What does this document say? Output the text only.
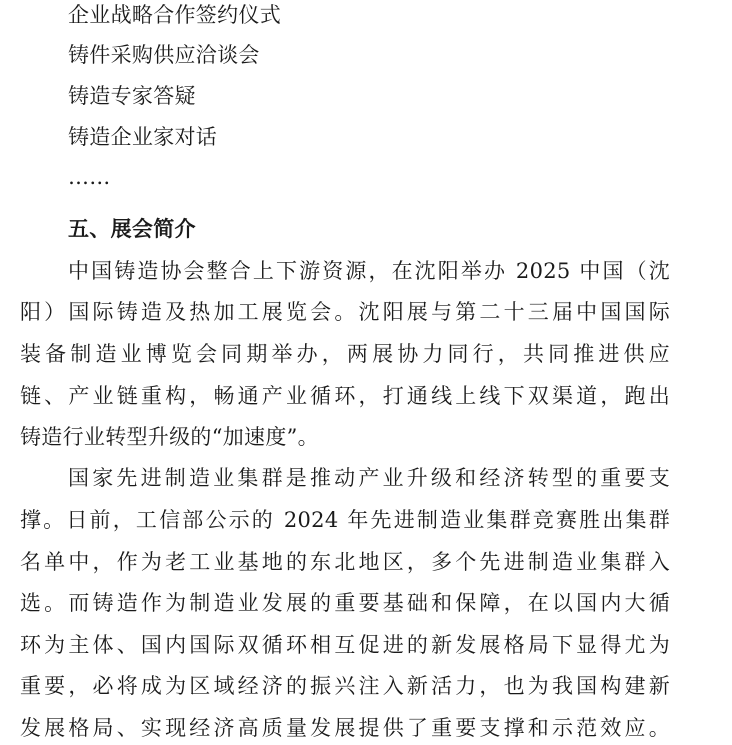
企业战略合作签约仪式
铸件采购供应洽谈会
铸造专家答疑
铸造企业家对话
……
五、展会简介
中国铸造协会整合上下游资源，在沈阳举办 2025 中国（沈
阳）国际铸造及热加工展览会。沈阳展与第二十三届中国国际
装备制造业博览会同期举办，两展协力同行，共同推进供应
链、产业链重构，畅通产业循环，打通线上线下双渠道，跑出
铸造行业转型升级的“加速度”。
国家先进制造业集群是推动产业升级和经济转型的重要支
撑。日前，工信部公示的 2024 年先进制造业集群竞赛胜出集群
名单中，作为老工业基地的东北地区，多个先进制造业集群入
选。而铸造作为制造业发展的重要基础和保障，在以国内大循
环为主体、国内国际双循环相互促进的新发展格局下显得尤为
重要，必将成为区域经济的振兴注入新活力，也为我国构建新
发展格局、实现经济高质量发展提供了重要支撑和示范效应。
